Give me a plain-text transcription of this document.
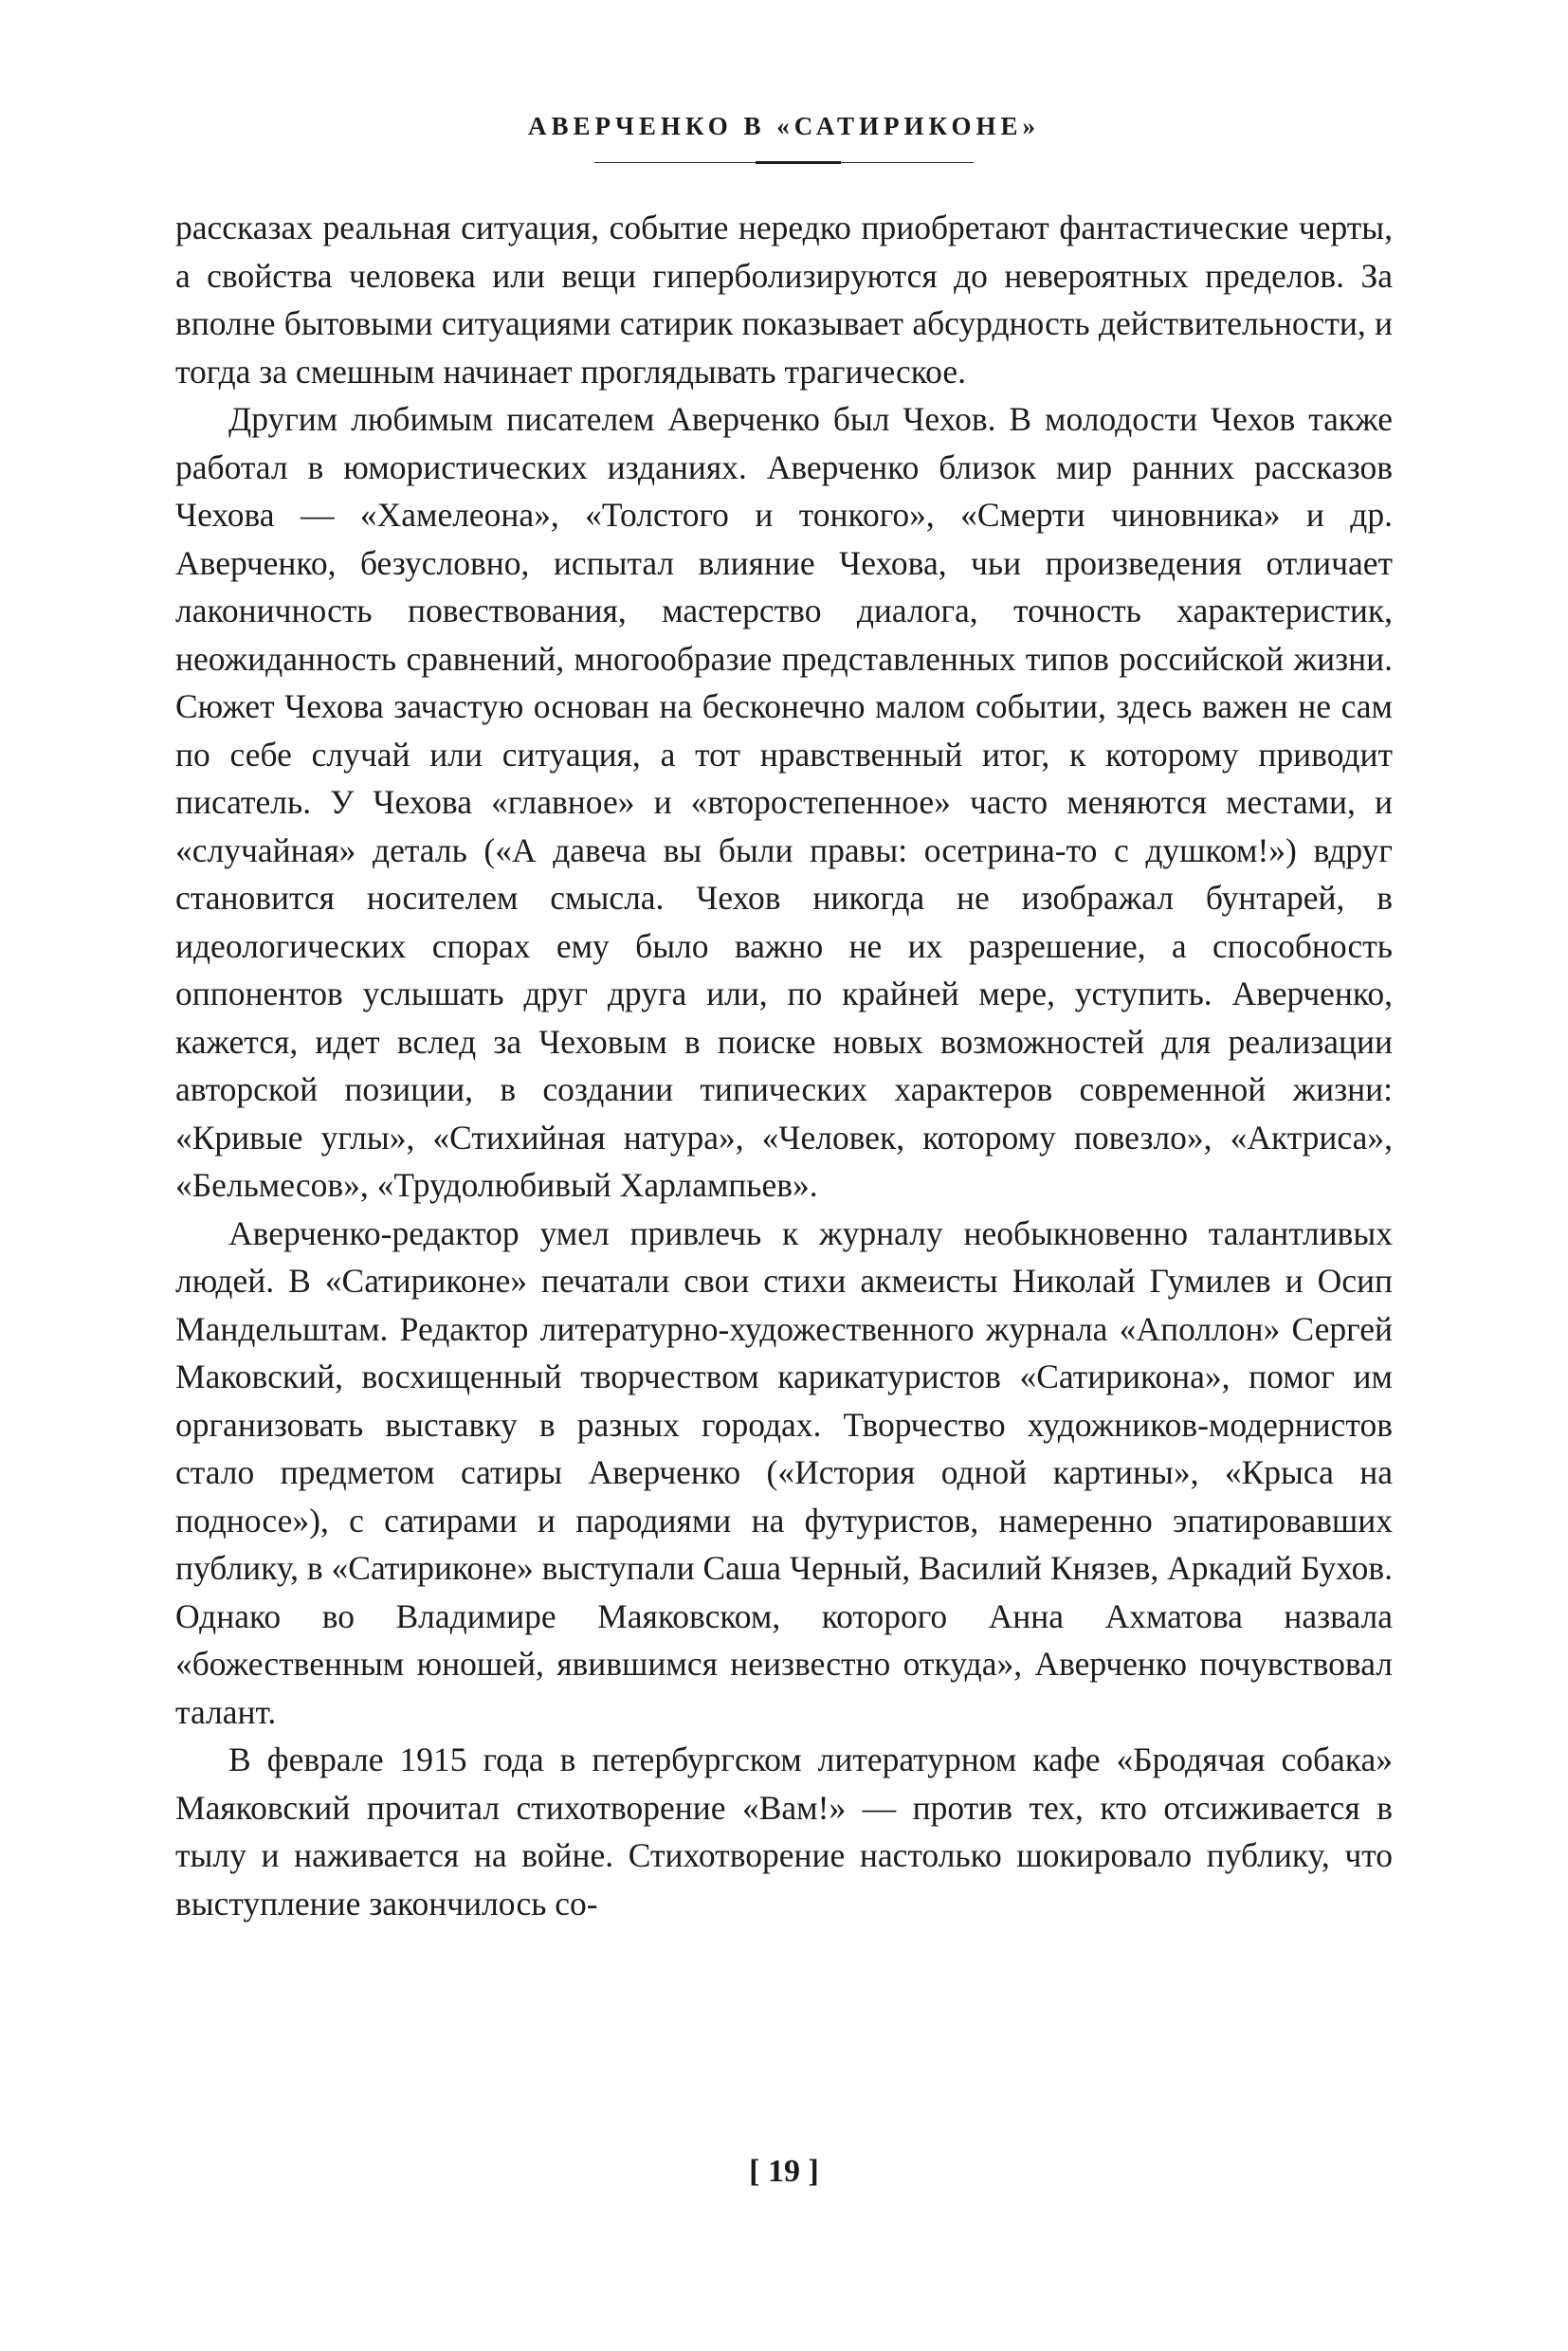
АВЕРЧЕНКО В «САТИРИКОНЕ»

рассказах реальная ситуация, событие нередко приобретают фантастические черты, а свойства человека или вещи гиперболизируются до невероятных пределов. За вполне бытовыми ситуациями сатирик показывает абсурдность действительности, и тогда за смешным начинает проглядывать трагическое.

Другим любимым писателем Аверченко был Чехов. В молодости Чехов также работал в юмористических изданиях. Аверченко близок мир ранних рассказов Чехова — «Хамелеона», «Толстого и тонкого», «Смерти чиновника» и др. Аверченко, безусловно, испытал влияние Чехова, чьи произведения отличает лаконичность повествования, мастерство диалога, точность характеристик, неожиданность сравнений, многообразие представленных типов российской жизни. Сюжет Чехова зачастую основан на бесконечно малом событии, здесь важен не сам по себе случай или ситуация, а тот нравственный итог, к которому приводит писатель. У Чехова «главное» и «второстепенное» часто меняются местами, и «случайная» деталь («А давеча вы были правы: осетрина-то с душком!») вдруг становится носителем смысла. Чехов никогда не изображал бунтарей, в идеологических спорах ему было важно не их разрешение, а способность оппонентов услышать друг друга или, по крайней мере, уступить. Аверченко, кажется, идет вслед за Чеховым в поиске новых возможностей для реализации авторской позиции, в создании типических характеров современной жизни: «Кривые углы», «Стихийная натура», «Человек, которому повезло», «Актриса», «Бельмесов», «Трудолюбивый Харлампьев».

Аверченко-редактор умел привлечь к журналу необыкновенно талантливых людей. В «Сатириконе» печатали свои стихи акмеисты Николай Гумилев и Осип Мандельштам. Редактор литературно-художественного журнала «Аполлон» Сергей Маковский, восхищенный творчеством карикатуристов «Сатирикона», помог им организовать выставку в разных городах. Творчество художников-модернистов стало предметом сатиры Аверченко («История одной картины», «Крыса на подносе»), с сатирами и пародиями на футуристов, намеренно эпатировавших публику, в «Сатириконе» выступали Саша Черный, Василий Князев, Аркадий Бухов. Однако во Владимире Маяковском, которого Анна Ахматова назвала «божественным юношей, явившимся неизвестно откуда», Аверченко почувствовал талант.

В феврале 1915 года в петербургском литературном кафе «Бродячая собака» Маяковский прочитал стихотворение «Вам!» — против тех, кто отсиживается в тылу и наживается на войне. Стихотворение настолько шокировало публику, что выступление закончилось со-

[ 19 ]
